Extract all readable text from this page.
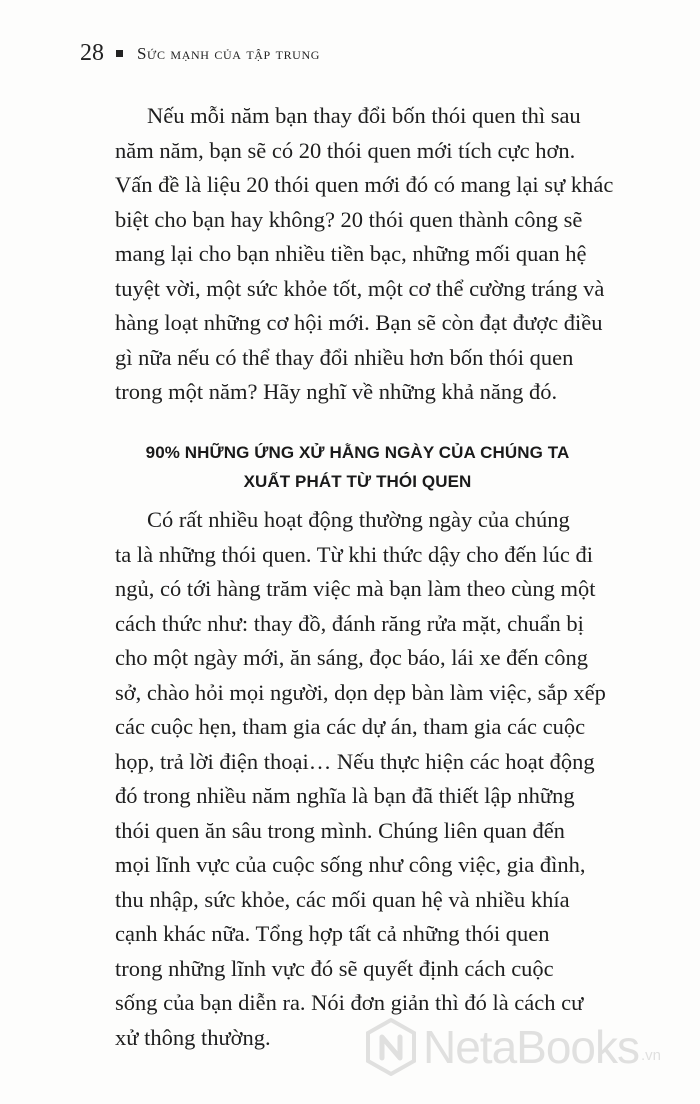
28 Sức mạnh của tập trung

Nếu mỗi năm bạn thay đổi bốn thói quen thì sau
năm năm, bạn sẽ có 20 thói quen mới tích cực hơn.
Vấn đề là liệu 20 thói quen mới đó có mang lại sự khác
biệt cho bạn hay không? 20 thói quen thành công sẽ
mang lại cho bạn nhiều tiền bạc, những mối quan hệ
tuyệt vời, một sức khỏe tốt, một cơ thể cường tráng và
hàng loạt những cơ hội mới. Bạn sẽ còn đạt được điều
gì nữa nếu có thể thay đổi nhiều hơn bốn thói quen
trong một năm? Hãy nghĩ về những khả năng đó.

90% NHỮNG ỨNG XỬ HẰNG NGÀY CỦA CHÚNG TA
XUẤT PHÁT TỪ THÓI QUEN

Có rất nhiều hoạt động thường ngày của chúng
ta là những thói quen. Từ khi thức dậy cho đến lúc đi
ngủ, có tới hàng trăm việc mà bạn làm theo cùng một
cách thức như: thay đồ, đánh răng rửa mặt, chuẩn bị
cho một ngày mới, ăn sáng, đọc báo, lái xe đến công
sở, chào hỏi mọi người, dọn dẹp bàn làm việc, sắp xếp
các cuộc hẹn, tham gia các dự án, tham gia các cuộc
họp, trả lời điện thoại… Nếu thực hiện các hoạt động
đó trong nhiều năm nghĩa là bạn đã thiết lập những
thói quen ăn sâu trong mình. Chúng liên quan đến
mọi lĩnh vực của cuộc sống như công việc, gia đình,
thu nhập, sức khỏe, các mối quan hệ và nhiều khía
cạnh khác nữa. Tổng hợp tất cả những thói quen
trong những lĩnh vực đó sẽ quyết định cách cuộc
sống của bạn diễn ra. Nói đơn giản thì đó là cách cư
xử thông thường.	NetaBooks .vn
